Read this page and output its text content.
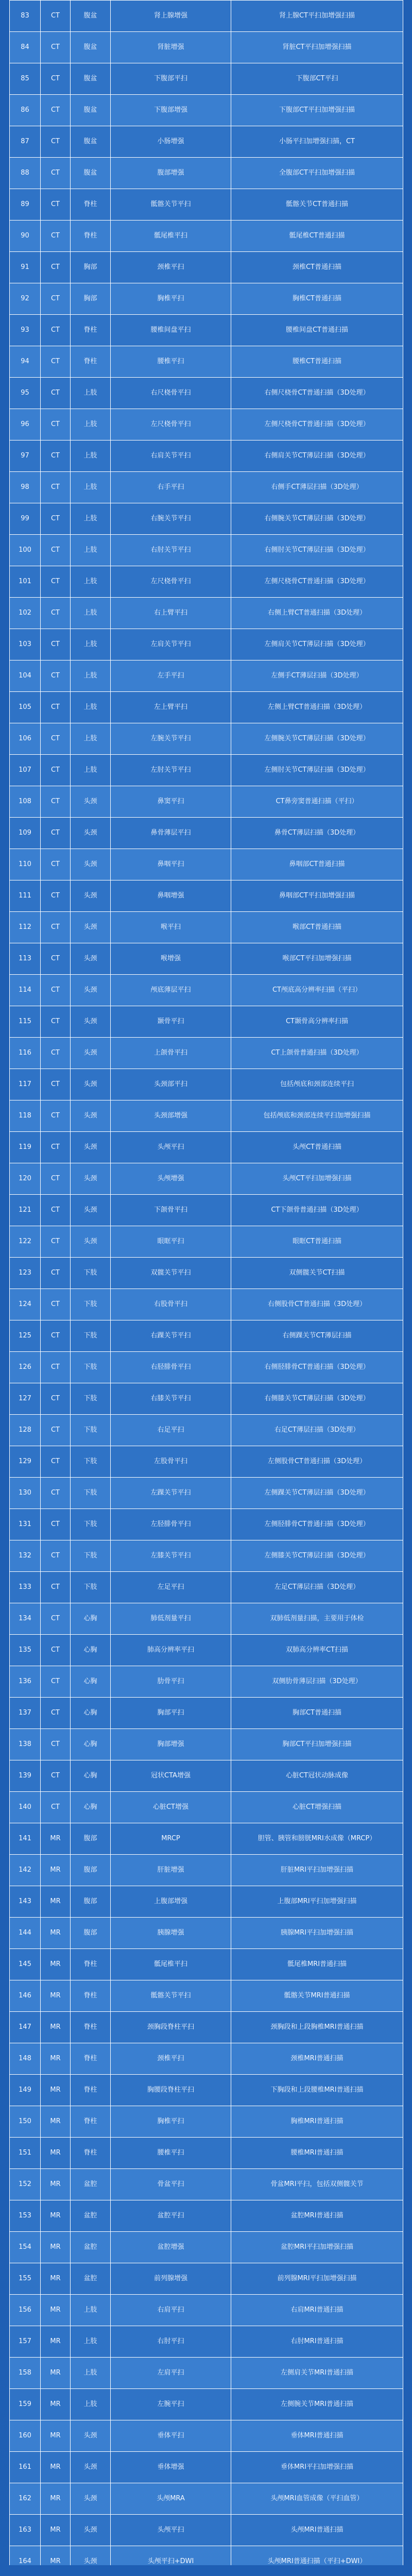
83	CT	腹盆	肾上腺增强	肾上腺CT平扫加增强扫描
84	CT	腹盆	肾脏增强	肾脏CT平扫加增强扫描
85	CT	腹盆	下腹部平扫	下腹部CT平扫
86	CT	腹盆	下腹部增强	下腹部CT平扫加增强扫描
87	CT	腹盆	小肠增强	小肠平扫加增强扫描，CT
88	CT	腹盆	腹部增强	全腹部CT平扫加增强扫描
89	CT	脊柱	骶髂关节平扫	骶髂关节CT普通扫描
90	CT	脊柱	骶尾椎平扫	骶尾椎CT普通扫描
91	CT	胸部	颈椎平扫	颈椎CT普通扫描
92	CT	胸部	胸椎平扫	胸椎CT普通扫描
93	CT	脊柱	腰椎间盘平扫	腰椎间盘CT普通扫描
94	CT	脊柱	腰椎平扫	腰椎CT普通扫描
95	CT	上肢	右尺桡骨平扫	右侧尺桡骨CT普通扫描（3D处理）
96	CT	上肢	左尺桡骨平扫	左侧尺桡骨CT普通扫描（3D处理）
97	CT	上肢	右肩关节平扫	右侧肩关节CT薄层扫描（3D处理）
98	CT	上肢	右手平扫	右侧手CT薄层扫描（3D处理）
99	CT	上肢	右腕关节平扫	右侧腕关节CT薄层扫描（3D处理）
100	CT	上肢	右肘关节平扫	右侧肘关节CT薄层扫描（3D处理）
101	CT	上肢	左尺桡骨平扫	左侧尺桡骨CT普通扫描（3D处理）
102	CT	上肢	右上臂平扫	右侧上臂CT普通扫描（3D处理）
103	CT	上肢	左肩关节平扫	左侧肩关节CT薄层扫描（3D处理）
104	CT	上肢	左手平扫	左侧手CT薄层扫描（3D处理）
105	CT	上肢	左上臂平扫	左侧上臂CT普通扫描（3D处理）
106	CT	上肢	左腕关节平扫	左侧腕关节CT薄层扫描（3D处理）
107	CT	上肢	左肘关节平扫	左侧肘关节CT薄层扫描（3D处理）
108	CT	头颈	鼻窦平扫	CT鼻旁窦普通扫描（平扫）
109	CT	头颈	鼻骨薄层平扫	鼻骨CT薄层扫描（3D处理）
110	CT	头颈	鼻咽平扫	鼻咽部CT普通扫描
111	CT	头颈	鼻咽增强	鼻咽部CT平扫加增强扫描
112	CT	头颈	喉平扫	喉部CT普通扫描
113	CT	头颈	喉增强	喉部CT平扫加增强扫描
114	CT	头颈	颅底薄层平扫	CT颅底高分辨率扫描（平扫）
115	CT	头颈	颞骨平扫	CT颞骨高分辨率扫描
116	CT	头颈	上颌骨平扫	CT上颌骨普通扫描（3D处理）
117	CT	头颈	头颈部平扫	包括颅底和颈部连续平扫
118	CT	头颈	头颈部增强	包括颅底和颈部连续平扫加增强扫描
119	CT	头颈	头颅平扫	头颅CT普通扫描
120	CT	头颈	头颅增强	头颅CT平扫加增强扫描
121	CT	头颈	下颌骨平扫	CT下颌骨普通扫描（3D处理）
122	CT	头颈	眼眶平扫	眼眶CT普通扫描
123	CT	下肢	双髋关节平扫	双侧髋关节CT扫描
124	CT	下肢	右股骨平扫	右侧股骨CT普通扫描（3D处理）
125	CT	下肢	右踝关节平扫	右侧踝关节CT薄层扫描
126	CT	下肢	右胫腓骨平扫	右侧胫腓骨CT普通扫描（3D处理）
127	CT	下肢	右膝关节平扫	右侧膝关节CT薄层扫描（3D处理）
128	CT	下肢	右足平扫	右足CT薄层扫描（3D处理）
129	CT	下肢	左股骨平扫	左侧股骨CT普通扫描（3D处理）
130	CT	下肢	左踝关节平扫	左侧踝关节CT薄层扫描（3D处理）
131	CT	下肢	左胫腓骨平扫	左侧胫腓骨CT普通扫描（3D处理）
132	CT	下肢	左膝关节平扫	左侧膝关节CT薄层扫描（3D处理）
133	CT	下肢	左足平扫	左足CT薄层扫描（3D处理）
134	CT	心胸	肺低剂量平扫	双肺低剂量扫描，主要用于体检
135	CT	心胸	肺高分辨率平扫	双肺高分辨率CT扫描
136	CT	心胸	肋骨平扫	双侧肋骨薄层扫描（3D处理）
137	CT	心胸	胸部平扫	胸部CT普通扫描
138	CT	心胸	胸部增强	胸部CT平扫加增强扫描
139	CT	心胸	冠状CTA增强	心脏CT冠状动脉成像
140	CT	心胸	心脏CT增强	心脏CT增强扫描
141	MR	腹部	MRCP	胆管、胰管和膀胱MRI水成像（MRCP）
142	MR	腹部	肝脏增强	肝脏MRI平扫加增强扫描
143	MR	腹部	上腹部增强	上腹部MRI平扫加增强扫描
144	MR	腹部	胰腺增强	胰腺MRI平扫加增强扫描
145	MR	脊柱	骶尾椎平扫	骶尾椎MRI普通扫描
146	MR	脊柱	骶髂关节平扫	骶髂关节MRI普通扫描
147	MR	脊柱	颈胸段脊柱平扫	颈胸段和上段胸椎MRI普通扫描
148	MR	脊柱	颈椎平扫	颈椎MRI普通扫描
149	MR	脊柱	胸腰段脊柱平扫	下胸段和上段腰椎MRI普通扫描
150	MR	脊柱	胸椎平扫	胸椎MRI普通扫描
151	MR	脊柱	腰椎平扫	腰椎MRI普通扫描
152	MR	盆腔	骨盆平扫	骨盆MRI平扫，包括双侧髋关节
153	MR	盆腔	盆腔平扫	盆腔MRI普通扫描
154	MR	盆腔	盆腔增强	盆腔MRI平扫加增强扫描
155	MR	盆腔	前列腺增强	前列腺MRI平扫加增强扫描
156	MR	上肢	右肩平扫	右肩MRI普通扫描
157	MR	上肢	右肘平扫	右肘MRI普通扫描
158	MR	上肢	左肩平扫	左侧肩关节MRI普通扫描
159	MR	上肢	左腕平扫	左侧腕关节MRI普通扫描
160	MR	头颈	垂体平扫	垂体MRI普通扫描
161	MR	头颈	垂体增强	垂体MRI平扫加增强扫描
162	MR	头颈	头颅MRA	头颅MRI血管成像（平扫血管）
163	MR	头颈	头颅平扫	头颅MRI普通扫描
164	MR	头颈	头颅平扫+DWI	头颅MRI普通扫描（平扫+DWI）
